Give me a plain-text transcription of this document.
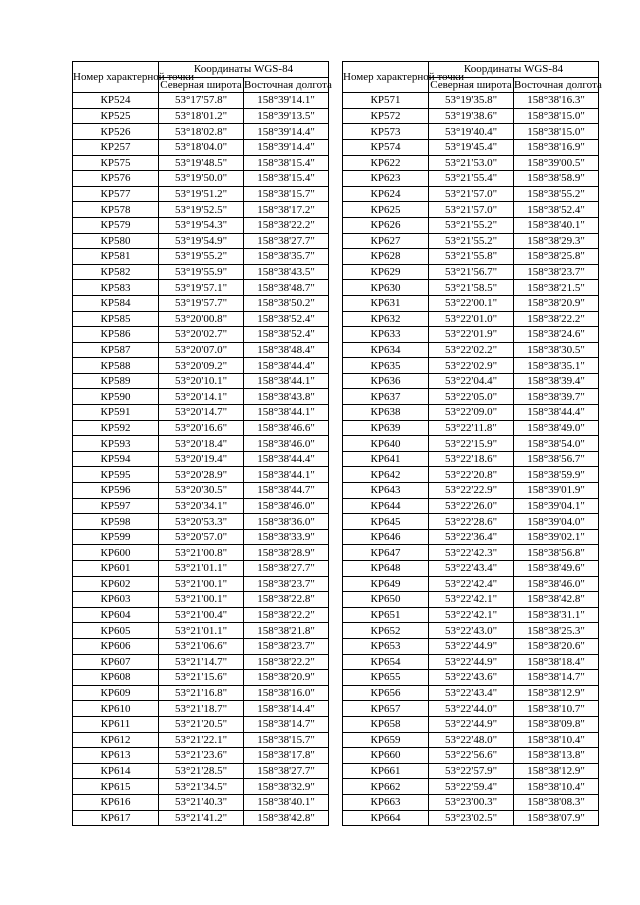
Номер характерной точки	Координаты WGS-84	
	Северная широта	Восточная долгота
КР524	53°17'57.8"	158°39'14.1"
КР525	53°18'01.2"	158°39'13.5"
КР526	53°18'02.8"	158°39'14.4"
КР257	53°18'04.0"	158°39'14.4"
КР575	53°19'48.5"	158°38'15.4"
КР576	53°19'50.0"	158°38'15.4"
КР577	53°19'51.2"	158°38'15.7"
КР578	53°19'52.5"	158°38'17.2"
КР579	53°19'54.3"	158°38'22.2"
КР580	53°19'54.9"	158°38'27.7"
КР581	53°19'55.2"	158°38'35.7"
КР582	53°19'55.9"	158°38'43.5"
КР583	53°19'57.1"	158°38'48.7"
КР584	53°19'57.7"	158°38'50.2"
КР585	53°20'00.8"	158°38'52.4"
КР586	53°20'02.7"	158°38'52.4"
КР587	53°20'07.0"	158°38'48.4"
КР588	53°20'09.2"	158°38'44.4"
КР589	53°20'10.1"	158°38'44.1"
КР590	53°20'14.1"	158°38'43.8"
КР591	53°20'14.7"	158°38'44.1"
КР592	53°20'16.6"	158°38'46.6"
КР593	53°20'18.4"	158°38'46.0"
КР594	53°20'19.4"	158°38'44.4"
КР595	53°20'28.9"	158°38'44.1"
КР596	53°20'30.5"	158°38'44.7"
КР597	53°20'34.1"	158°38'46.0"
КР598	53°20'53.3"	158°38'36.0"
КР599	53°20'57.0"	158°38'33.9"
КР600	53°21'00.8"	158°38'28.9"
КР601	53°21'01.1"	158°38'27.7"
КР602	53°21'00.1"	158°38'23.7"
КР603	53°21'00.1"	158°38'22.8"
КР604	53°21'00.4"	158°38'22.2"
КР605	53°21'01.1"	158°38'21.8"
КР606	53°21'06.6"	158°38'23.7"
КР607	53°21'14.7"	158°38'22.2"
КР608	53°21'15.6"	158°38'20.9"
КР609	53°21'16.8"	158°38'16.0"
КР610	53°21'18.7"	158°38'14.4"
КР611	53°21'20.5"	158°38'14.7"
КР612	53°21'22.1"	158°38'15.7"
КР613	53°21'23.6"	158°38'17.8"
КР614	53°21'28.5"	158°38'27.7"
КР615	53°21'34.5"	158°38'32.9"
КР616	53°21'40.3"	158°38'40.1"
КР617	53°21'41.2"	158°38'42.8"
Номер характерной точки	Координаты WGS-84	
	Северная широта	Восточная долгота
КР571	53°19'35.8"	158°38'16.3"
КР572	53°19'38.6"	158°38'15.0"
КР573	53°19'40.4"	158°38'15.0"
КР574	53°19'45.4"	158°38'16.9"
КР622	53°21'53.0"	158°39'00.5"
КР623	53°21'55.4"	158°38'58.9"
КР624	53°21'57.0"	158°38'55.2"
КР625	53°21'57.0"	158°38'52.4"
КР626	53°21'55.2"	158°38'40.1"
КР627	53°21'55.2"	158°38'29.3"
КР628	53°21'55.8"	158°38'25.8"
КР629	53°21'56.7"	158°38'23.7"
КР630	53°21'58.5"	158°38'21.5"
КР631	53°22'00.1"	158°38'20.9"
КР632	53°22'01.0"	158°38'22.2"
КР633	53°22'01.9"	158°38'24.6"
КР634	53°22'02.2"	158°38'30.5"
КР635	53°22'02.9"	158°38'35.1"
КР636	53°22'04.4"	158°38'39.4"
КР637	53°22'05.0"	158°38'39.7"
КР638	53°22'09.0"	158°38'44.4"
КР639	53°22'11.8"	158°38'49.0"
КР640	53°22'15.9"	158°38'54.0"
КР641	53°22'18.6"	158°38'56.7"
КР642	53°22'20.8"	158°38'59.9"
КР643	53°22'22.9"	158°39'01.9"
КР644	53°22'26.0"	158°39'04.1"
КР645	53°22'28.6"	158°39'04.0"
КР646	53°22'36.4"	158°39'02.1"
КР647	53°22'42.3"	158°38'56.8"
КР648	53°22'43.4"	158°38'49.6"
КР649	53°22'42.4"	158°38'46.0"
КР650	53°22'42.1"	158°38'42.8"
КР651	53°22'42.1"	158°38'31.1"
КР652	53°22'43.0"	158°38'25.3"
КР653	53°22'44.9"	158°38'20.6"
КР654	53°22'44.9"	158°38'18.4"
КР655	53°22'43.6"	158°38'14.7"
КР656	53°22'43.4"	158°38'12.9"
КР657	53°22'44.0"	158°38'10.7"
КР658	53°22'44.9"	158°38'09.8"
КР659	53°22'48.0"	158°38'10.4"
КР660	53°22'56.6"	158°38'13.8"
КР661	53°22'57.9"	158°38'12.9"
КР662	53°22'59.4"	158°38'10.4"
КР663	53°23'00.3"	158°38'08.3"
КР664	53°23'02.5"	158°38'07.9"
